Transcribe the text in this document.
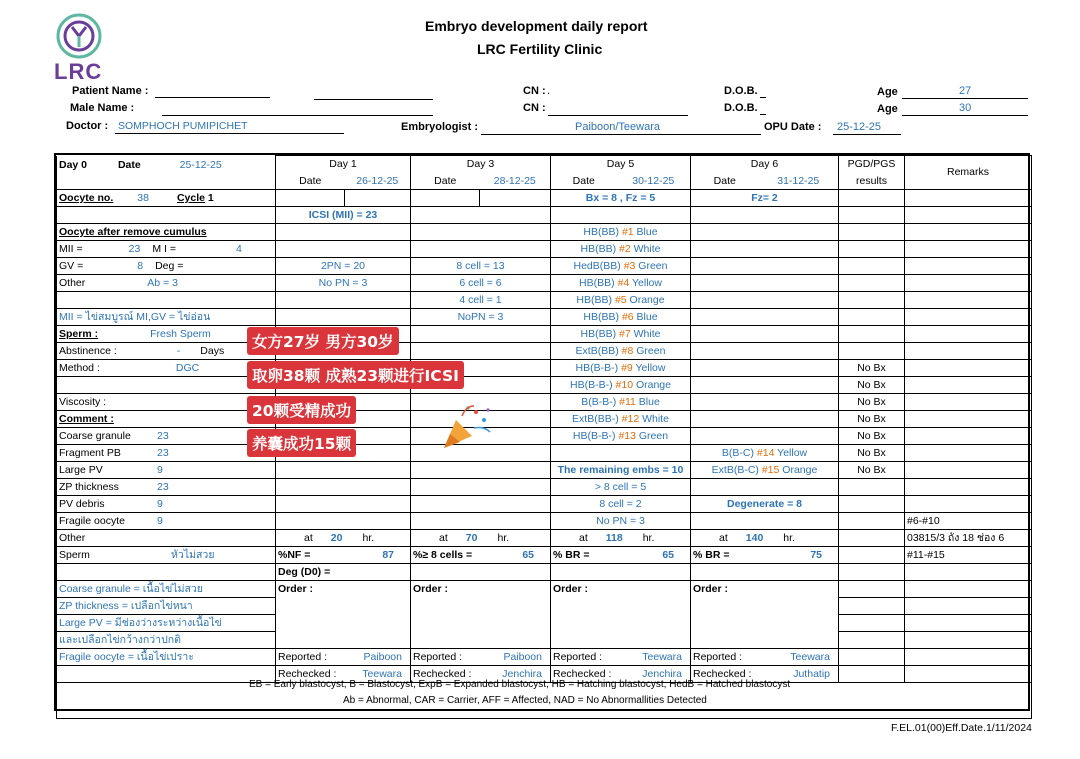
LRC
Embryo development daily report
LRC Fertility Clinic
Patient Name :
Male Name :
Doctor : SOMPHOCH PUMIPICHET
CN : .
CN :
D.O.B.
D.O.B.
Age	27
Age	30
Embryologist :	Paiboon/Teewara	OPU Date : 25-12-25
Day 0 Date 25-12-25	Day 1		Day 3		Day 5		Day 6		PGD/PGS	Remarks
	Date	26-12-25	Date	28-12-25	Date	30-12-25	Date	31-12-25	results	
Oocyte no. 38 Cycle 1					Bx = 8 , Fz = 5		Fz= 2			
	ICSI (MII) = 23									
Oocyte after remove cumulus					HB(BB) #1 Blue					
MII = 23 M I = 4					HB(BB) #2 White					
GV = 8 Deg =	2PN = 20		8 cell = 13		HedB(BB) #3 Green					
Other Ab = 3	No PN = 3		6 cell = 6		HB(BB) #4 Yellow					
			4 cell = 1		HB(BB) #5 Orange					
MII = ไข่สมบูรณ์ MI,GV = ไข่อ่อน			NoPN = 3		HB(BB) #6 Blue					
Sperm : Fresh Sperm					HB(BB) #7 White					
Abstinence : - Days					ExtB(BB) #8 Green					
Method : DGC					HB(B-B-) #9 Yellow				No Bx	
					HB(B-B-) #10 Orange				No Bx	
Viscosity :					B(B-B-) #11 Blue				No Bx	
Comment :					ExtB(BB-) #12 White				No Bx	
Coarse granule 23					HB(B-B-) #13 Green				No Bx	
Fragment PB 23							B(B-C) #14 Yellow		No Bx	
Large PV 9					The remaining embs = 10		ExtB(B-C) #15 Orange		No Bx	
ZP thickness 23					> 8 cell = 5					
PV debris 9					8 cell = 2		Degenerate = 8			
Fragile oocyte 9					No PN = 3					#6-#10
Other	at 20 hr.		at 70 hr.		at 118 hr.		at 140 hr.			03815/3 ถัง 18 ช่อง 6
Sperm หัวไม่สวย	%NF = 87		%≥ 8 cells = 65		% BR = 65		% BR = 75			#11-#15
	Deg (D0) =									
Coarse granule = เนื้อไข่ไม่สวย	Order :		Order :		Order :		Order :			
ZP thickness = เปลือกไข่หนา										
Large PV = มีช่องว่างระหว่างเนื้อไข่										
และเปลือกไข่กว้างกว่าปกติ										
Fragile oocyte = เนื้อไข่เปราะ	Reported : Paiboon		Reported : Paiboon		Reported : Teewara		Reported : Teewara			

	Rechecked : Teewara		Rechecked : Jenchira		Rechecked : Jenchira		Rechecked : Juthatip			

EB = Early blastocyst, B = Blastocyst, ExpB = Expanded blastocyst, HB = Hatching blastocyst, HedB = Hatched blastocyst
Ab = Abnormal, CAR = Carrier, AFF = Affected, NAD = No Abnormallities Detected
F.EL.01(00)Eff.Date.1/11/2024
女方27岁 男方30岁
取卵38颗 成熟23颗进行ICSI
20颗受精成功
养囊成功15颗
